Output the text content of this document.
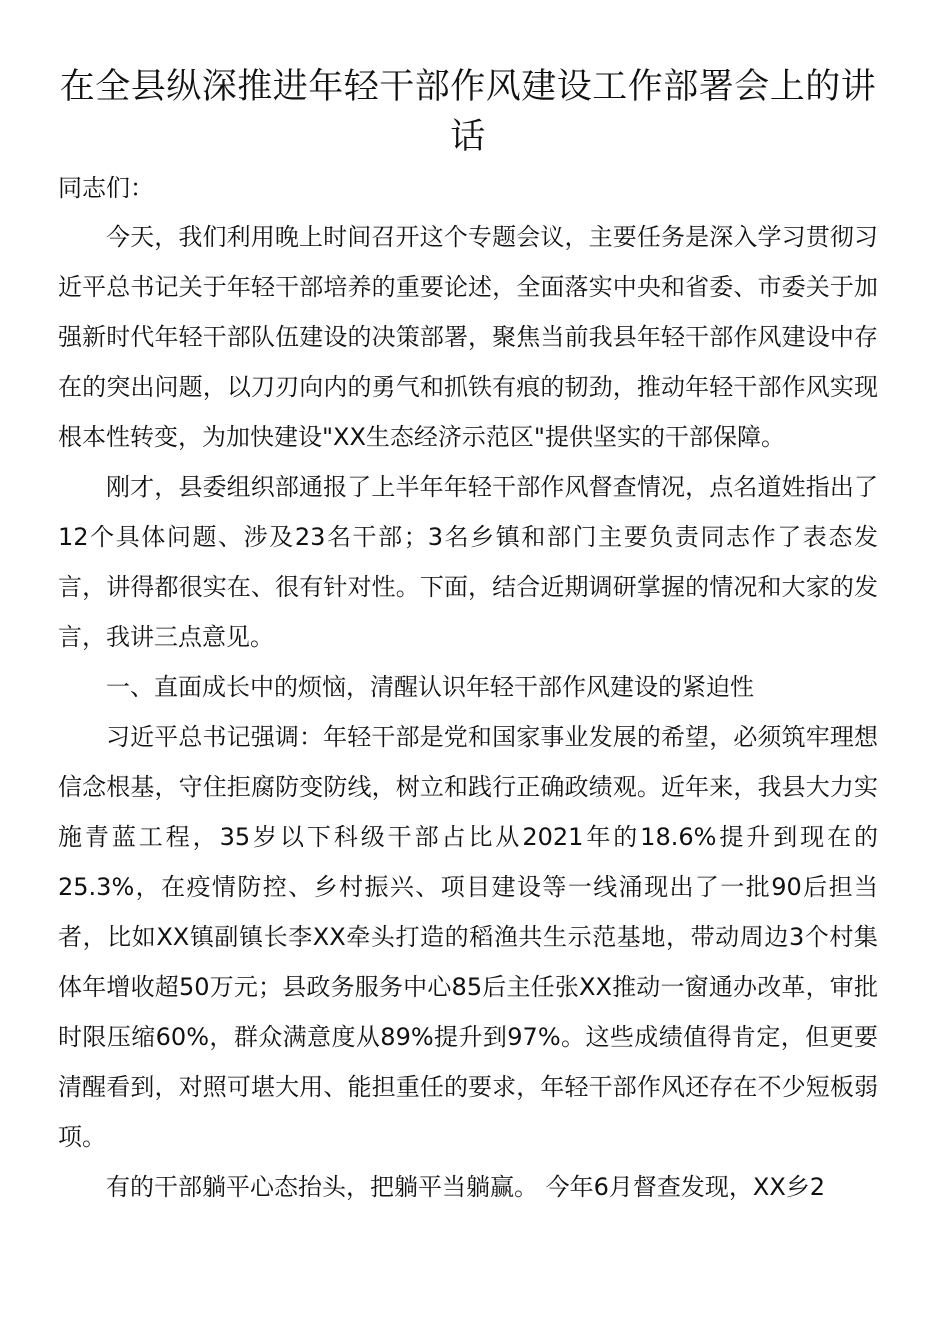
在全县纵深推进年轻干部作风建设工作部署会上的讲话

同志们：

今天，我们利用晚上时间召开这个专题会议，主要任务是深入学习贯彻习近平总书记关于年轻干部培养的重要论述，全面落实中央和省委、市委关于加强新时代年轻干部队伍建设的决策部署，聚焦当前我县年轻干部作风建设中存在的突出问题，以刀刃向内的勇气和抓铁有痕的韧劲，推动年轻干部作风实现根本性转变，为加快建设"XX生态经济示范区"提供坚实的干部保障。

刚才，县委组织部通报了上半年年轻干部作风督查情况，点名道姓指出了12个具体问题、涉及23名干部；3名乡镇和部门主要负责同志作了表态发言，讲得都很实在、很有针对性。下面，结合近期调研掌握的情况和大家的发言，我讲三点意见。

一、直面成长中的烦恼，清醒认识年轻干部作风建设的紧迫性

习近平总书记强调：年轻干部是党和国家事业发展的希望，必须筑牢理想信念根基，守住拒腐防变防线，树立和践行正确政绩观。近年来，我县大力实施青蓝工程，35岁以下科级干部占比从2021年的18.6%提升到现在的25.3%，在疫情防控、乡村振兴、项目建设等一线涌现出了一批90后担当者，比如XX镇副镇长李XX牵头打造的稻渔共生示范基地，带动周边3个村集体年增收超50万元；县政务服务中心85后主任张XX推动一窗通办改革，审批时限压缩60%，群众满意度从89%提升到97%。这些成绩值得肯定，但更要清醒看到，对照可堪大用、能担重任的要求，年轻干部作风还存在不少短板弱项。

有的干部躺平心态抬头，把躺平当躺赢。 今年6月督查发现，XX乡2
